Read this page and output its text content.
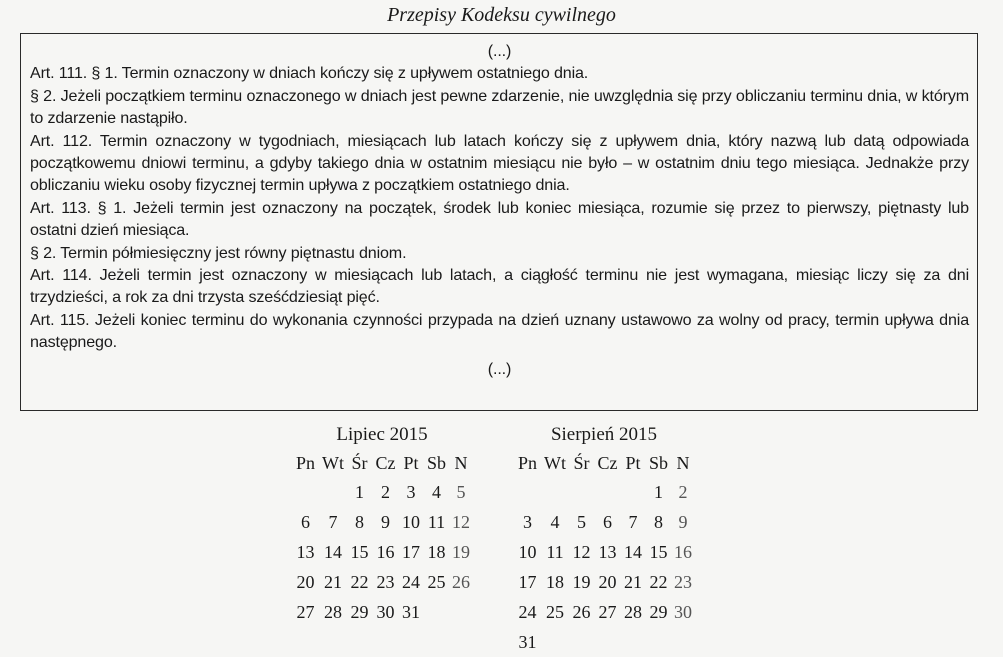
Przepisy Kodeksu cywilnego
(...)
Art. 111. § 1. Termin oznaczony w dniach kończy się z upływem ostatniego dnia.
§ 2. Jeżeli początkiem terminu oznaczonego w dniach jest pewne zdarzenie, nie uwzględnia się przy obliczaniu terminu dnia, w którym to zdarzenie nastąpiło.
Art. 112. Termin oznaczony w tygodniach, miesiącach lub latach kończy się z upływem dnia, który nazwą lub datą odpowiada początkowemu dniowi terminu, a gdyby takiego dnia w ostatnim miesiącu nie było – w ostatnim dniu tego miesiąca. Jednakże przy obliczaniu wieku osoby fizycznej termin upływa z początkiem ostatniego dnia.
Art. 113. § 1. Jeżeli termin jest oznaczony na początek, środek lub koniec miesiąca, rozumie się przez to pierwszy, piętnasty lub ostatni dzień miesiąca.
§ 2. Termin półmiesięczny jest równy piętnastu dniom.
Art. 114. Jeżeli termin jest oznaczony w miesiącach lub latach, a ciągłość terminu nie jest wymagana, miesiąc liczy się za dni trzydzieści, a rok za dni trzysta sześćdziesiąt pięć.
Art. 115. Jeżeli koniec terminu do wykonania czynności przypada na dzień uznany ustawowo za wolny od pracy, termin upływa dnia następnego.
(...)
Lipiec 2015
Pn	Wt	Śr	Cz	Pt	Sb	N
		1	2	3	4	5
6	7	8	9	10	11	12
13	14	15	16	17	18	19
20	21	22	23	24	25	26
27	28	29	30	31		
Sierpień 2015
Pn	Wt	Śr	Cz	Pt	Sb	N
					1	2
3	4	5	6	7	8	9
10	11	12	13	14	15	16
17	18	19	20	21	22	23
24	25	26	27	28	29	30
31						
